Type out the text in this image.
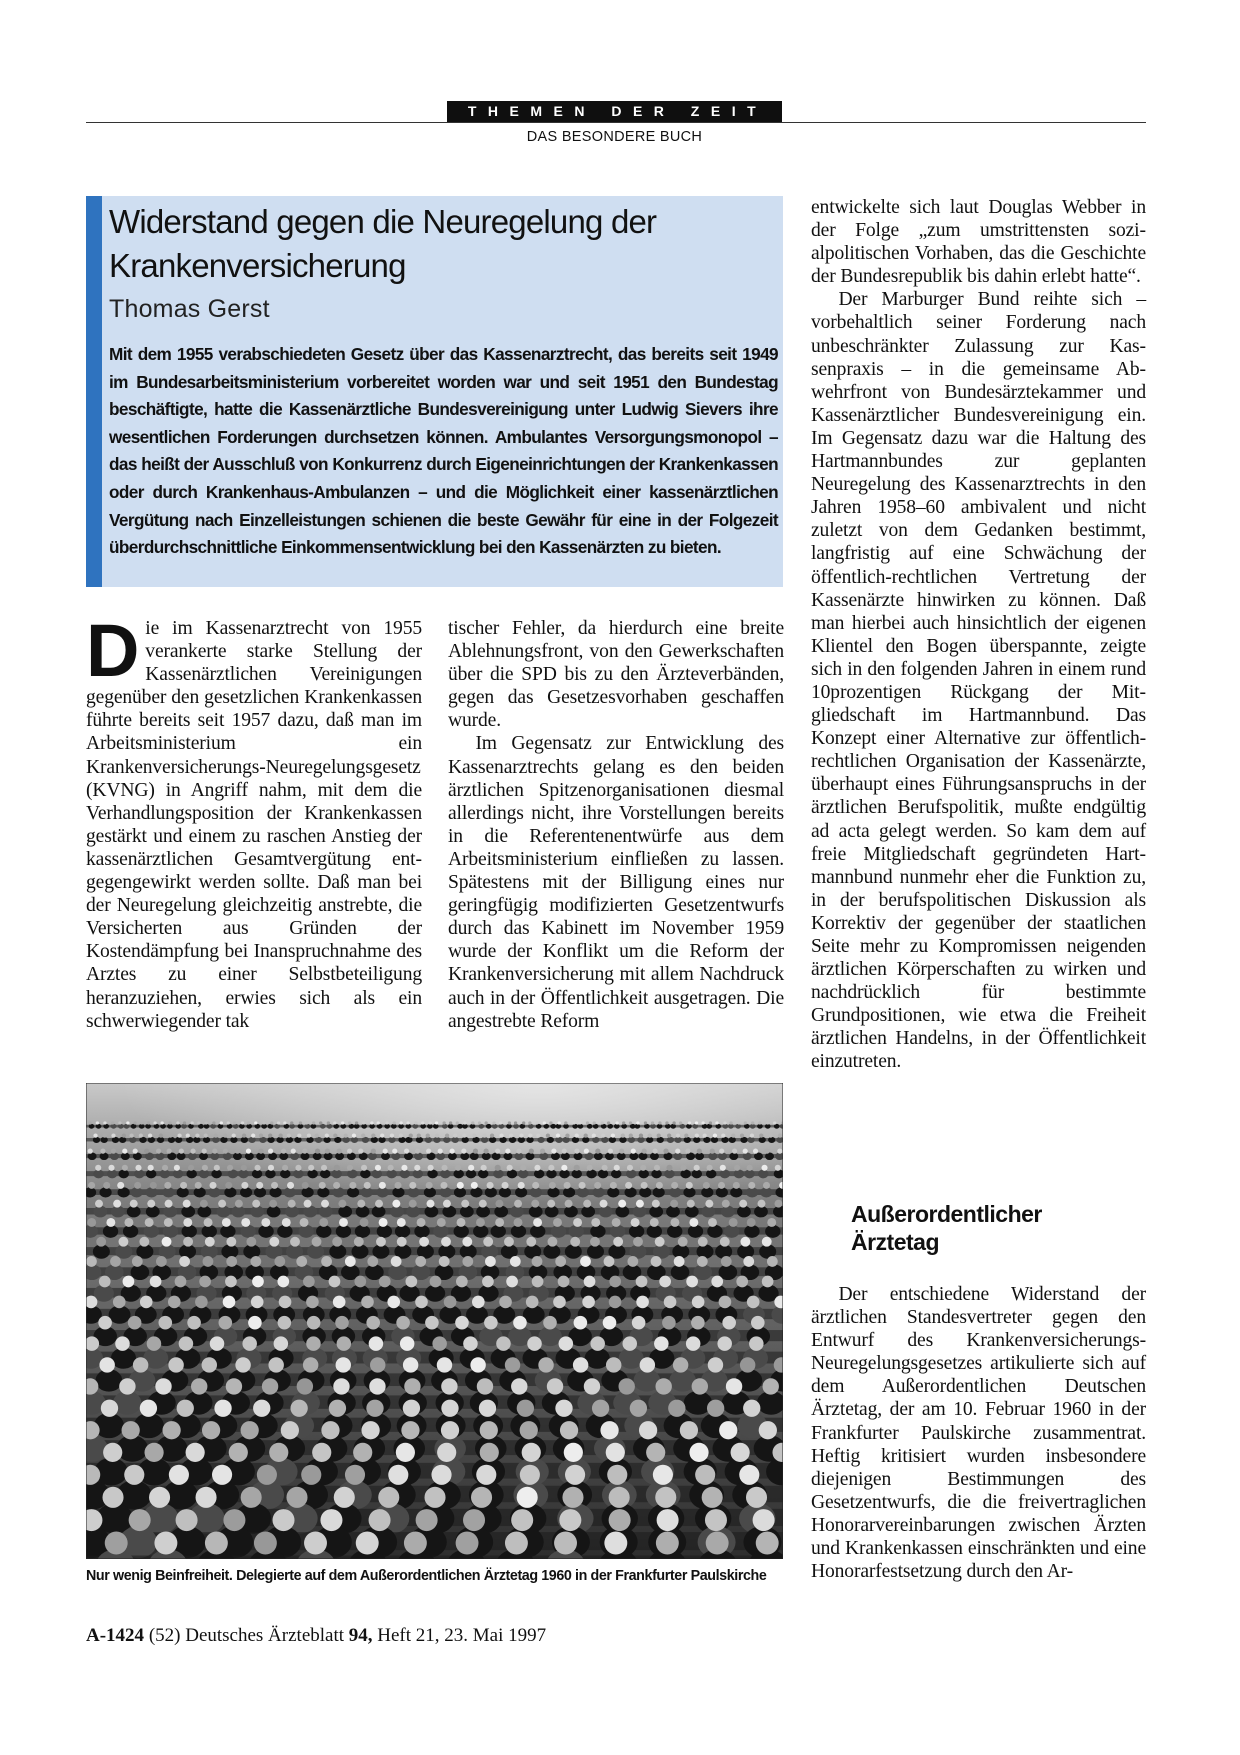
THEMEN DER ZEIT
DAS BESONDERE BUCH
Widerstand gegen die Neuregelung der Krankenversicherung
Thomas Gerst
Mit dem 1955 verabschiedeten Gesetz über das Kassenarztrecht, das bereits seit 1949 im Bundesarbeitsministerium vorbereitet worden war und seit 1951 den Bundestag beschäftigte, hatte die Kassenärztliche Bundesvereinigung unter Ludwig Sievers ihre wesentlichen Forderungen durchsetzen können. Ambulantes Versorgungsmonopol – das heißt der Ausschluß von Konkurrenz durch Eigeneinrichtungen der Krankenkassen oder durch Krankenhaus-Ambulanzen – und die Möglichkeit einer kassenärztlichen Vergütung nach Einzelleistungen schienen die beste Gewähr für eine in der Folgezeit überdurchschnittliche Einkommensentwicklung bei den Kassenärzten zu bieten.

Die im Kassenarztrecht von 1955 verankerte starke Stellung der Kassenärztlichen Vereinigungen gegenüber den gesetzlichen Krankenkassen führte bereits seit 1957 dazu, daß man im Arbeitsministerium ein Krankenversicherungs-Neuregelungsgesetz (KVNG) in Angriff nahm, mit dem die Verhandlungsposition der Krankenkassen gestärkt und einem zu raschen Anstieg der kassenärztlichen Gesamtvergütung entgegengewirkt werden sollte. Daß man bei der Neuregelung gleichzeitig anstrebte, die Versicherten aus Gründen der Kostendämpfung bei Inanspruchnahme des Arztes zu einer Selbstbeteiligung heranzuziehen, erwies sich als ein schwerwiegender tak

tischer Fehler, da hierdurch eine breite Ablehnungsfront, von den Gewerkschaften über die SPD bis zu den Ärzteverbänden, gegen das Gesetzesvorhaben geschaffen wurde.

Im Gegensatz zur Entwicklung des Kassenarztrechts gelang es den beiden ärztlichen Spitzenorganisationen diesmal allerdings nicht, ihre Vorstellungen bereits in die Referentenentwürfe aus dem Arbeitsministerium einfließen zu lassen. Spätestens mit der Billigung eines nur geringfügig modifizierten Gesetzentwurfs durch das Kabinett im November 1959 wurde der Konflikt um die Reform der Krankenversicherung mit allem Nachdruck auch in der Öffentlichkeit ausgetragen. Die angestrebte Reform

entwickelte sich laut Douglas Webber in der Folge „zum umstrittensten sozialpolitischen Vorhaben, das die Geschichte der Bundesrepublik bis dahin erlebt hatte“.

Der Marburger Bund reihte sich – vorbehaltlich seiner Forderung nach unbeschränkter Zulassung zur Kassenpraxis – in die gemeinsame Abwehrfront von Bundesärztekammer und Kassenärztlicher Bundesvereinigung ein. Im Gegensatz dazu war die Haltung des Hartmannbundes zur geplanten Neuregelung des Kassenarztrechts in den Jahren 1958–60 ambivalent und nicht zuletzt von dem Gedanken bestimmt, langfristig auf eine Schwächung der öffentlich-rechtlichen Vertretung der Kassenärzte hinwirken zu können. Daß man hierbei auch hinsichtlich der eigenen Klientel den Bogen überspannte, zeigte sich in den folgenden Jahren in einem rund 10prozentigen Rückgang der Mitgliedschaft im Hartmannbund. Das Konzept einer Alternative zur öffentlich-rechtlichen Organisation der Kassenärzte, überhaupt eines Führungsanspruchs in der ärztlichen Berufspolitik, mußte endgültig ad acta gelegt werden. So kam dem auf freie Mitgliedschaft gegründeten Hartmannbund nunmehr eher die Funktion zu, in der berufspolitischen Diskussion als Korrektiv der gegenüber der staatlichen Seite mehr zu Kompromissen neigenden ärztlichen Körperschaften zu wirken und nachdrücklich für bestimmte Grundpositionen, wie etwa die Freiheit ärztlichen Handelns, in der Öffentlichkeit einzutreten.

Außerordentlicher Ärztetag

Der entschiedene Widerstand der ärztlichen Standesvertreter gegen den Entwurf des Krankenversicherungs-Neuregelungsgesetzes artikulierte sich auf dem Außerordentlichen Deutschen Ärztetag, der am 10. Februar 1960 in der Frankfurter Paulskirche zusammentrat. Heftig kritisiert wurden insbesondere diejenigen Bestimmungen des Gesetzentwurfs, die die freivertraglichen Honorarvereinbarungen zwischen Ärzten und Krankenkassen einschränkten und eine Honorarfestsetzung durch den Ar-

Nur wenig Beinfreiheit. Delegierte auf dem Außerordentlichen Ärztetag 1960 in der Frankfurter Paulskirche
A-1424 (52) Deutsches Ärzteblatt 94, Heft 21, 23. Mai 1997
